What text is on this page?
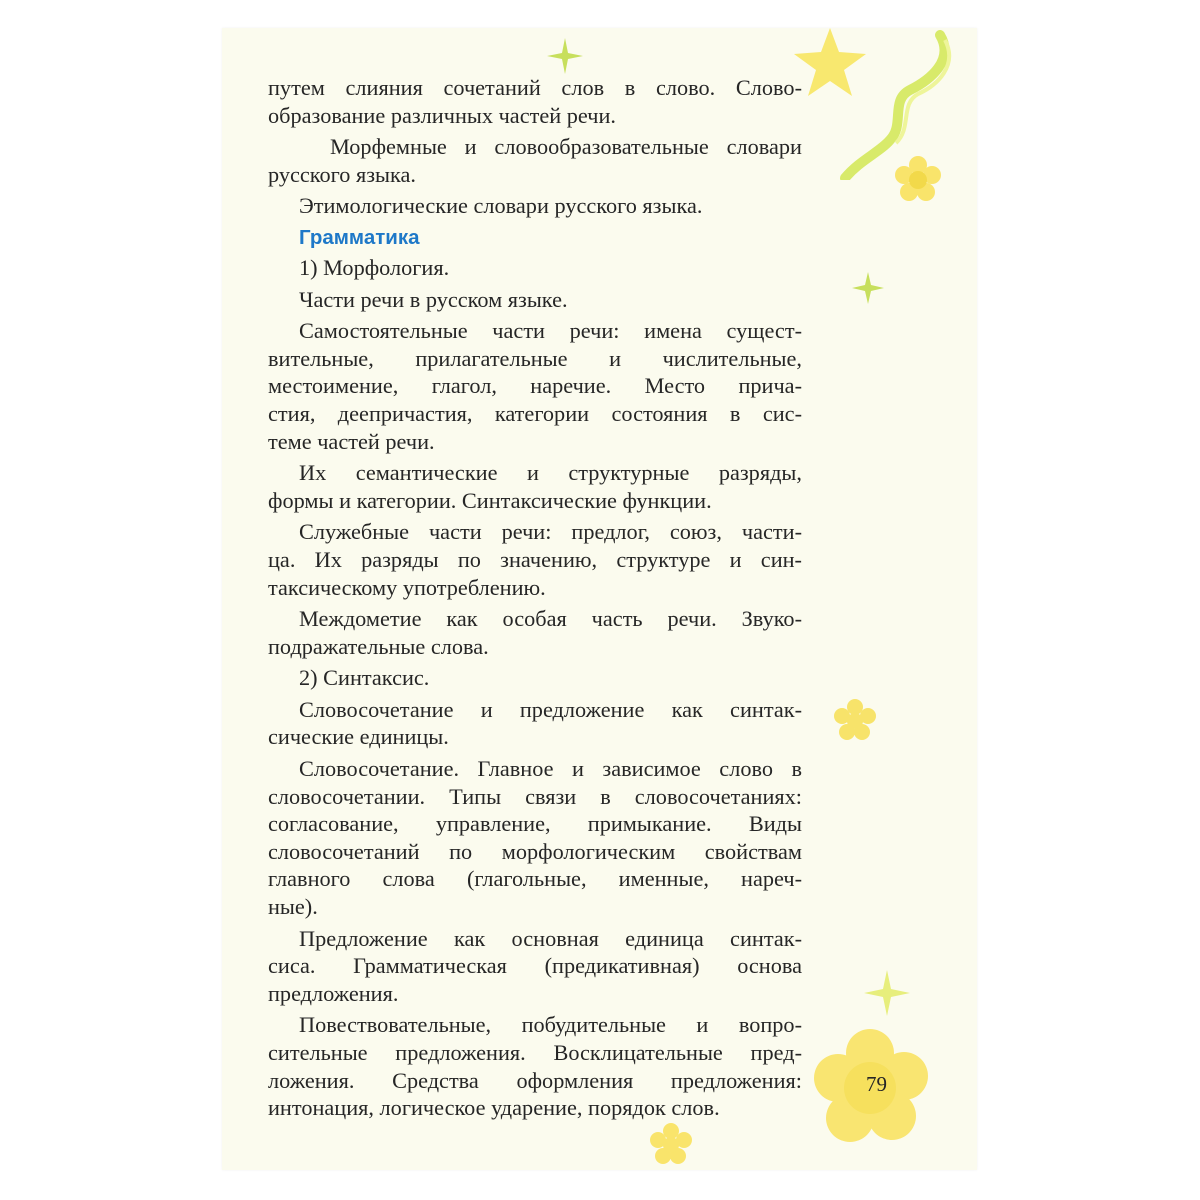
путем слияния сочетаний слов в слово. Слово-
образование различных частей речи.

Морфемные и словообразовательные словари
русского языка.

Этимологические словари русского языка.

Грамматика

1) Морфология.

Части речи в русском языке.

Самостоятельные части речи: имена сущест-
вительные, прилагательные и числительные,
местоимение, глагол, наречие. Место прича-
стия, деепричастия, категории состояния в сис-
теме частей речи.

Их семантические и структурные разряды,
формы и категории. Синтаксические функции.

Служебные части речи: предлог, союз, части-
ца. Их разряды по значению, структуре и син-
таксическому употреблению.

Междометие как особая часть речи. Звуко-
подражательные слова.

2) Синтаксис.

Словосочетание и предложение как синтак-
сические единицы.

Словосочетание. Главное и зависимое слово в
словосочетании. Типы связи в словосочетаниях:
согласование, управление, примыкание. Виды
словосочетаний по морфологическим свойствам
главного слова (глагольные, именные, нареч-
ные).

Предложение как основная единица синтак-
сиса. Грамматическая (предикативная) основа
предложения.

Повествовательные, побудительные и вопро-
сительные предложения. Восклицательные пред-
ложения. Средства оформления предложения:
интонация, логическое ударение, порядок слов.

79
